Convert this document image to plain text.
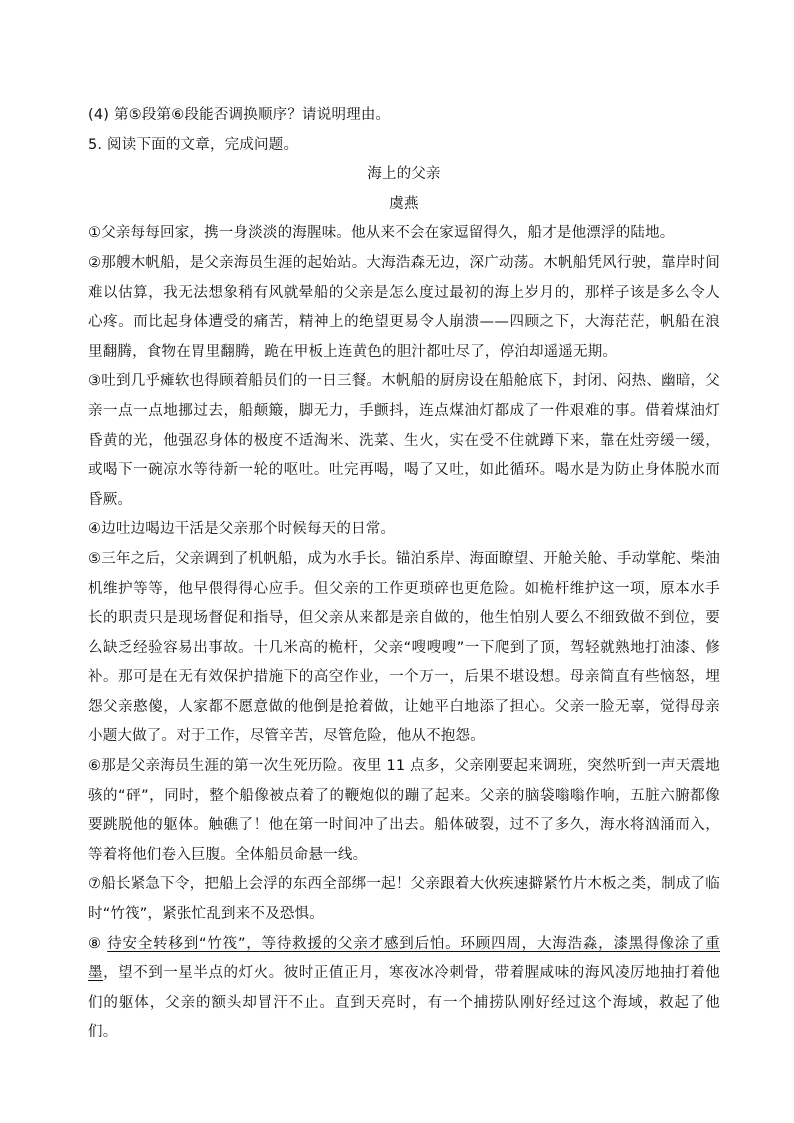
(4) 第⑤段第⑥段能否调换顺序？请说明理由。

5. 阅读下面的文章，完成问题。

海上的父亲

虞燕

①父亲每每回家，携一身淡淡的海腥味。他从来不会在家逗留得久，船才是他漂浮的陆地。

②那艘木帆船，是父亲海员生涯的起始站。大海浩森无边，深广动荡。木帆船凭风行驶，靠岸时间难以估算，我无法想象稍有风就晕船的父亲是怎么度过最初的海上岁月的，那样子该是多么令人心疼。而比起身体遭受的痛苦，精神上的绝望更易令人崩溃——四顾之下，大海茫茫，帆船在浪里翻腾，食物在胃里翻腾，跪在甲板上连黄色的胆汁都吐尽了，停泊却遥遥无期。

③吐到几乎瘫软也得顾着船员们的一日三餐。木帆船的厨房设在船舱底下，封闭、闷热、幽暗，父亲一点一点地挪过去，船颠簸，脚无力，手颤抖，连点煤油灯都成了一件艰难的事。借着煤油灯昏黄的光，他强忍身体的极度不适淘米、洗菜、生火，实在受不住就蹲下来，靠在灶旁缓一缓，或喝下一碗凉水等待新一轮的呕吐。吐完再喝，喝了又吐，如此循环。喝水是为防止身体脱水而昏厥。

④边吐边喝边干活是父亲那个时候每天的日常。

⑤三年之后，父亲调到了机帆船，成为水手长。锚泊系岸、海面瞭望、开舱关舱、手动掌舵、柴油机维护等等，他早偎得得心应手。但父亲的工作更琐碎也更危险。如桅杆维护这一项，原本水手长的职责只是现场督促和指导，但父亲从来都是亲自做的，他生怕别人要么不细致做不到位，要么缺乏经验容易出事故。十几米高的桅杆，父亲“嗖嗖嗖”一下爬到了顶，驾轻就熟地打油漆、修补。那可是在无有效保护措施下的高空作业，一个万一，后果不堪设想。母亲简直有些恼怒，埋怨父亲憨傻，人家都不愿意做的他倒是抢着做，让她平白地添了担心。父亲一脸无辜，觉得母亲小题大做了。对于工作，尽管辛苦，尽管危险，他从不抱怨。

⑥那是父亲海员生涯的第一次生死历险。夜里 11 点多，父亲刚要起来调班，突然听到一声天震地骇的“砰”，同时，整个船像被点着了的鞭炮似的蹦了起来。父亲的脑袋嗡嗡作响，五脏六腑都像要跳脱他的躯体。触礁了！他在第一时间冲了出去。船体破裂，过不了多久，海水将汹涌而入，等着将他们卷入巨腹。全体船员命悬一线。

⑦船长紧急下令，把船上会浮的东西全部绑一起！父亲跟着大伙疾速擗紧竹片木板之类，制成了临时“竹筏”，紧张忙乱到来不及恐惧。

⑧ 待安全转移到“竹筏”，等待救援的父亲才感到后怕。环顾四周，大海浩淼，漆黑得像涂了重墨，望不到一星半点的灯火。彼时正值正月，寒夜冰冷刺骨，带着腥咸味的海风凌厉地抽打着他们的躯体，父亲的额头却冒汗不止。直到天亮时，有一个捕捞队刚好经过这个海域，救起了他们。
